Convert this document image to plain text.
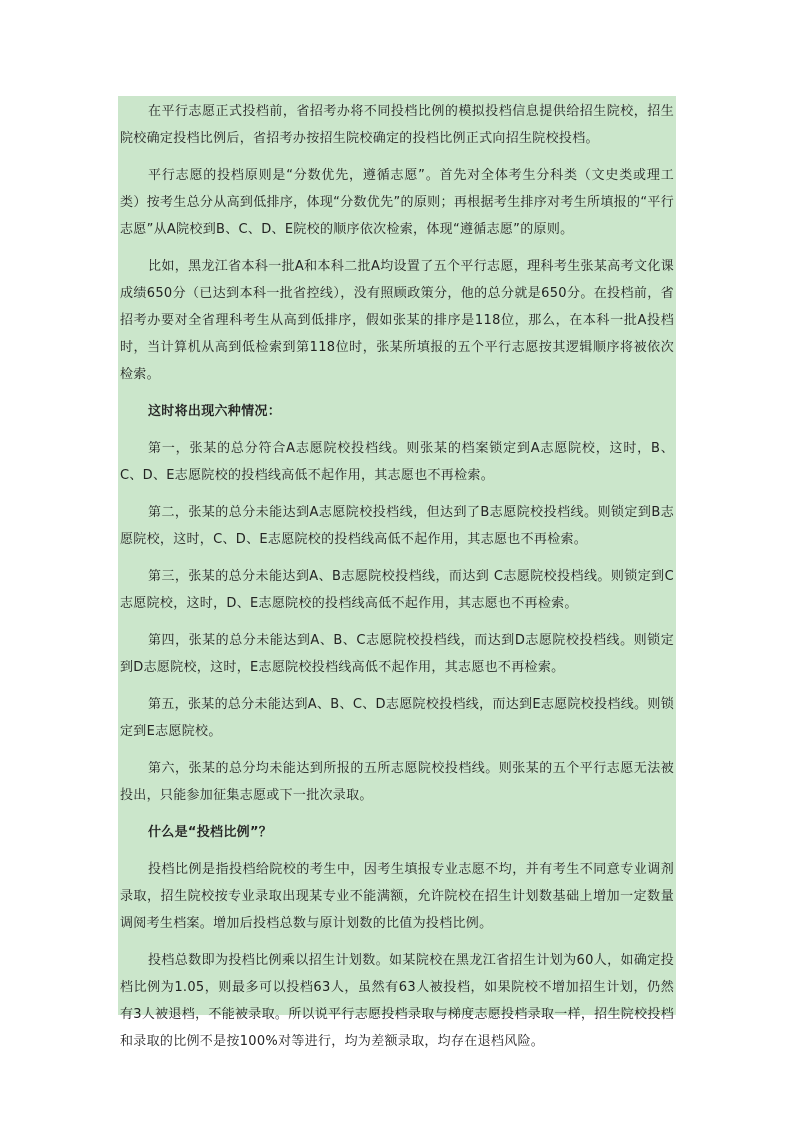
在平行志愿正式投档前，省招考办将不同投档比例的模拟投档信息提供给招生院校，招生院校确定投档比例后，省招考办按招生院校确定的投档比例正式向招生院校投档。

平行志愿的投档原则是“分数优先，遵循志愿”。首先对全体考生分科类（文史类或理工类）按考生总分从高到低排序，体现“分数优先”的原则；再根据考生排序对考生所填报的“平行志愿”从A院校到B、C、D、E院校的顺序依次检索，体现“遵循志愿”的原则。

比如，黑龙江省本科一批A和本科二批A均设置了五个平行志愿，理科考生张某高考文化课成绩650分（已达到本科一批省控线），没有照顾政策分，他的总分就是650分。在投档前，省招考办要对全省理科考生从高到低排序，假如张某的排序是118位，那么，在本科一批A投档时，当计算机从高到低检索到第118位时，张某所填报的五个平行志愿按其逻辑顺序将被依次检索。

这时将出现六种情况：

第一，张某的总分符合A志愿院校投档线。则张某的档案锁定到A志愿院校，这时，B、C、D、E志愿院校的投档线高低不起作用，其志愿也不再检索。

第二，张某的总分未能达到A志愿院校投档线，但达到了B志愿院校投档线。则锁定到B志愿院校，这时，C、D、E志愿院校的投档线高低不起作用，其志愿也不再检索。

第三，张某的总分未能达到A、B志愿院校投档线，而达到 C志愿院校投档线。则锁定到C志愿院校，这时，D、E志愿院校的投档线高低不起作用，其志愿也不再检索。

第四，张某的总分未能达到A、B、C志愿院校投档线，而达到D志愿院校投档线。则锁定到D志愿院校，这时，E志愿院校投档线高低不起作用，其志愿也不再检索。

第五，张某的总分未能达到A、B、C、D志愿院校投档线，而达到E志愿院校投档线。则锁定到E志愿院校。

第六，张某的总分均未能达到所报的五所志愿院校投档线。则张某的五个平行志愿无法被投出，只能参加征集志愿或下一批次录取。

什么是“投档比例”？

投档比例是指投档给院校的考生中，因考生填报专业志愿不均，并有考生不同意专业调剂录取，招生院校按专业录取出现某专业不能满额，允许院校在招生计划数基础上增加一定数量调阅考生档案。增加后投档总数与原计划数的比值为投档比例。

投档总数即为投档比例乘以招生计划数。如某院校在黑龙江省招生计划为60人，如确定投档比例为1.05，则最多可以投档63人，虽然有63人被投档，如果院校不增加招生计划，仍然有3人被退档，不能被录取。所以说平行志愿投档录取与梯度志愿投档录取一样，招生院校投档和录取的比例不是按100%对等进行，均为差额录取，均存在退档风险。
